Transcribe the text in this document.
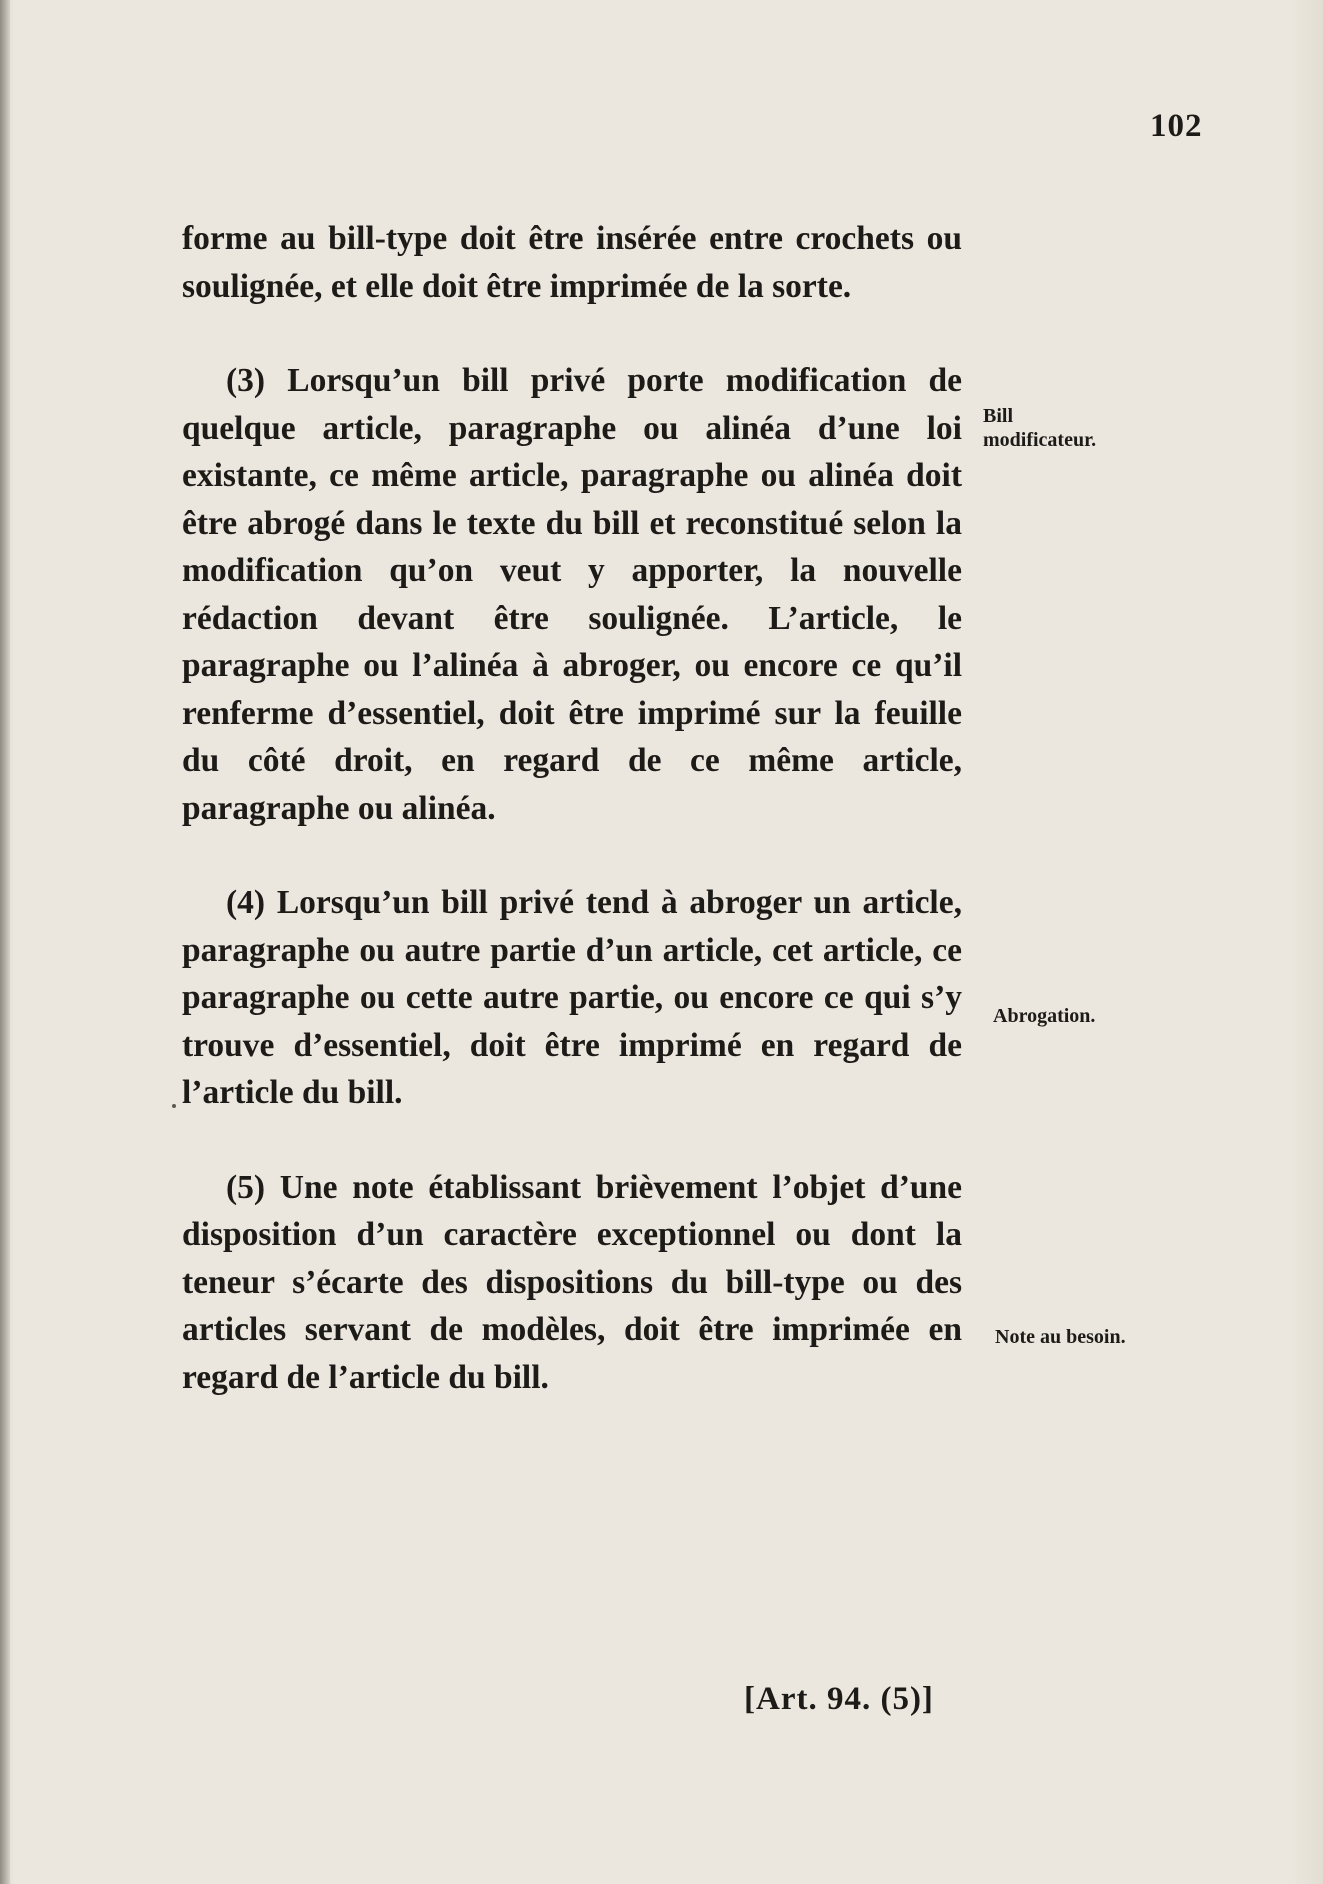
102

forme au bill-type doit être insérée entre crochets ou soulignée, et elle doit être imprimée de la sorte.

(3) Lorsqu’un bill privé porte modification de quelque article, paragraphe ou alinéa d’une loi existante, ce même article, paragraphe ou alinéa doit être abrogé dans le texte du bill et reconstitué selon la modification qu’on veut y apporter, la nouvelle rédaction devant être soulignée. L’article, le paragraphe ou l’alinéa à abroger, ou encore ce qu’il renferme d’essentiel, doit être imprimé sur la feuille du côté droit, en regard de ce même article, paragraphe ou alinéa.

(4) Lorsqu’un bill privé tend à abroger un article, paragraphe ou autre partie d’un article, cet article, ce paragraphe ou cette autre partie, ou encore ce qui s’y trouve d’essentiel, doit être imprimé en regard de l’article du bill.

(5) Une note établissant brièvement l’objet d’une disposition d’un caractère exceptionnel ou dont la teneur s’écarte des dispositions du bill-type ou des articles servant de modèles, doit être imprimée en regard de l’article du bill.

Bill
modificateur.
Abrogation.
Note au besoin.
[Art. 94. (5)]
